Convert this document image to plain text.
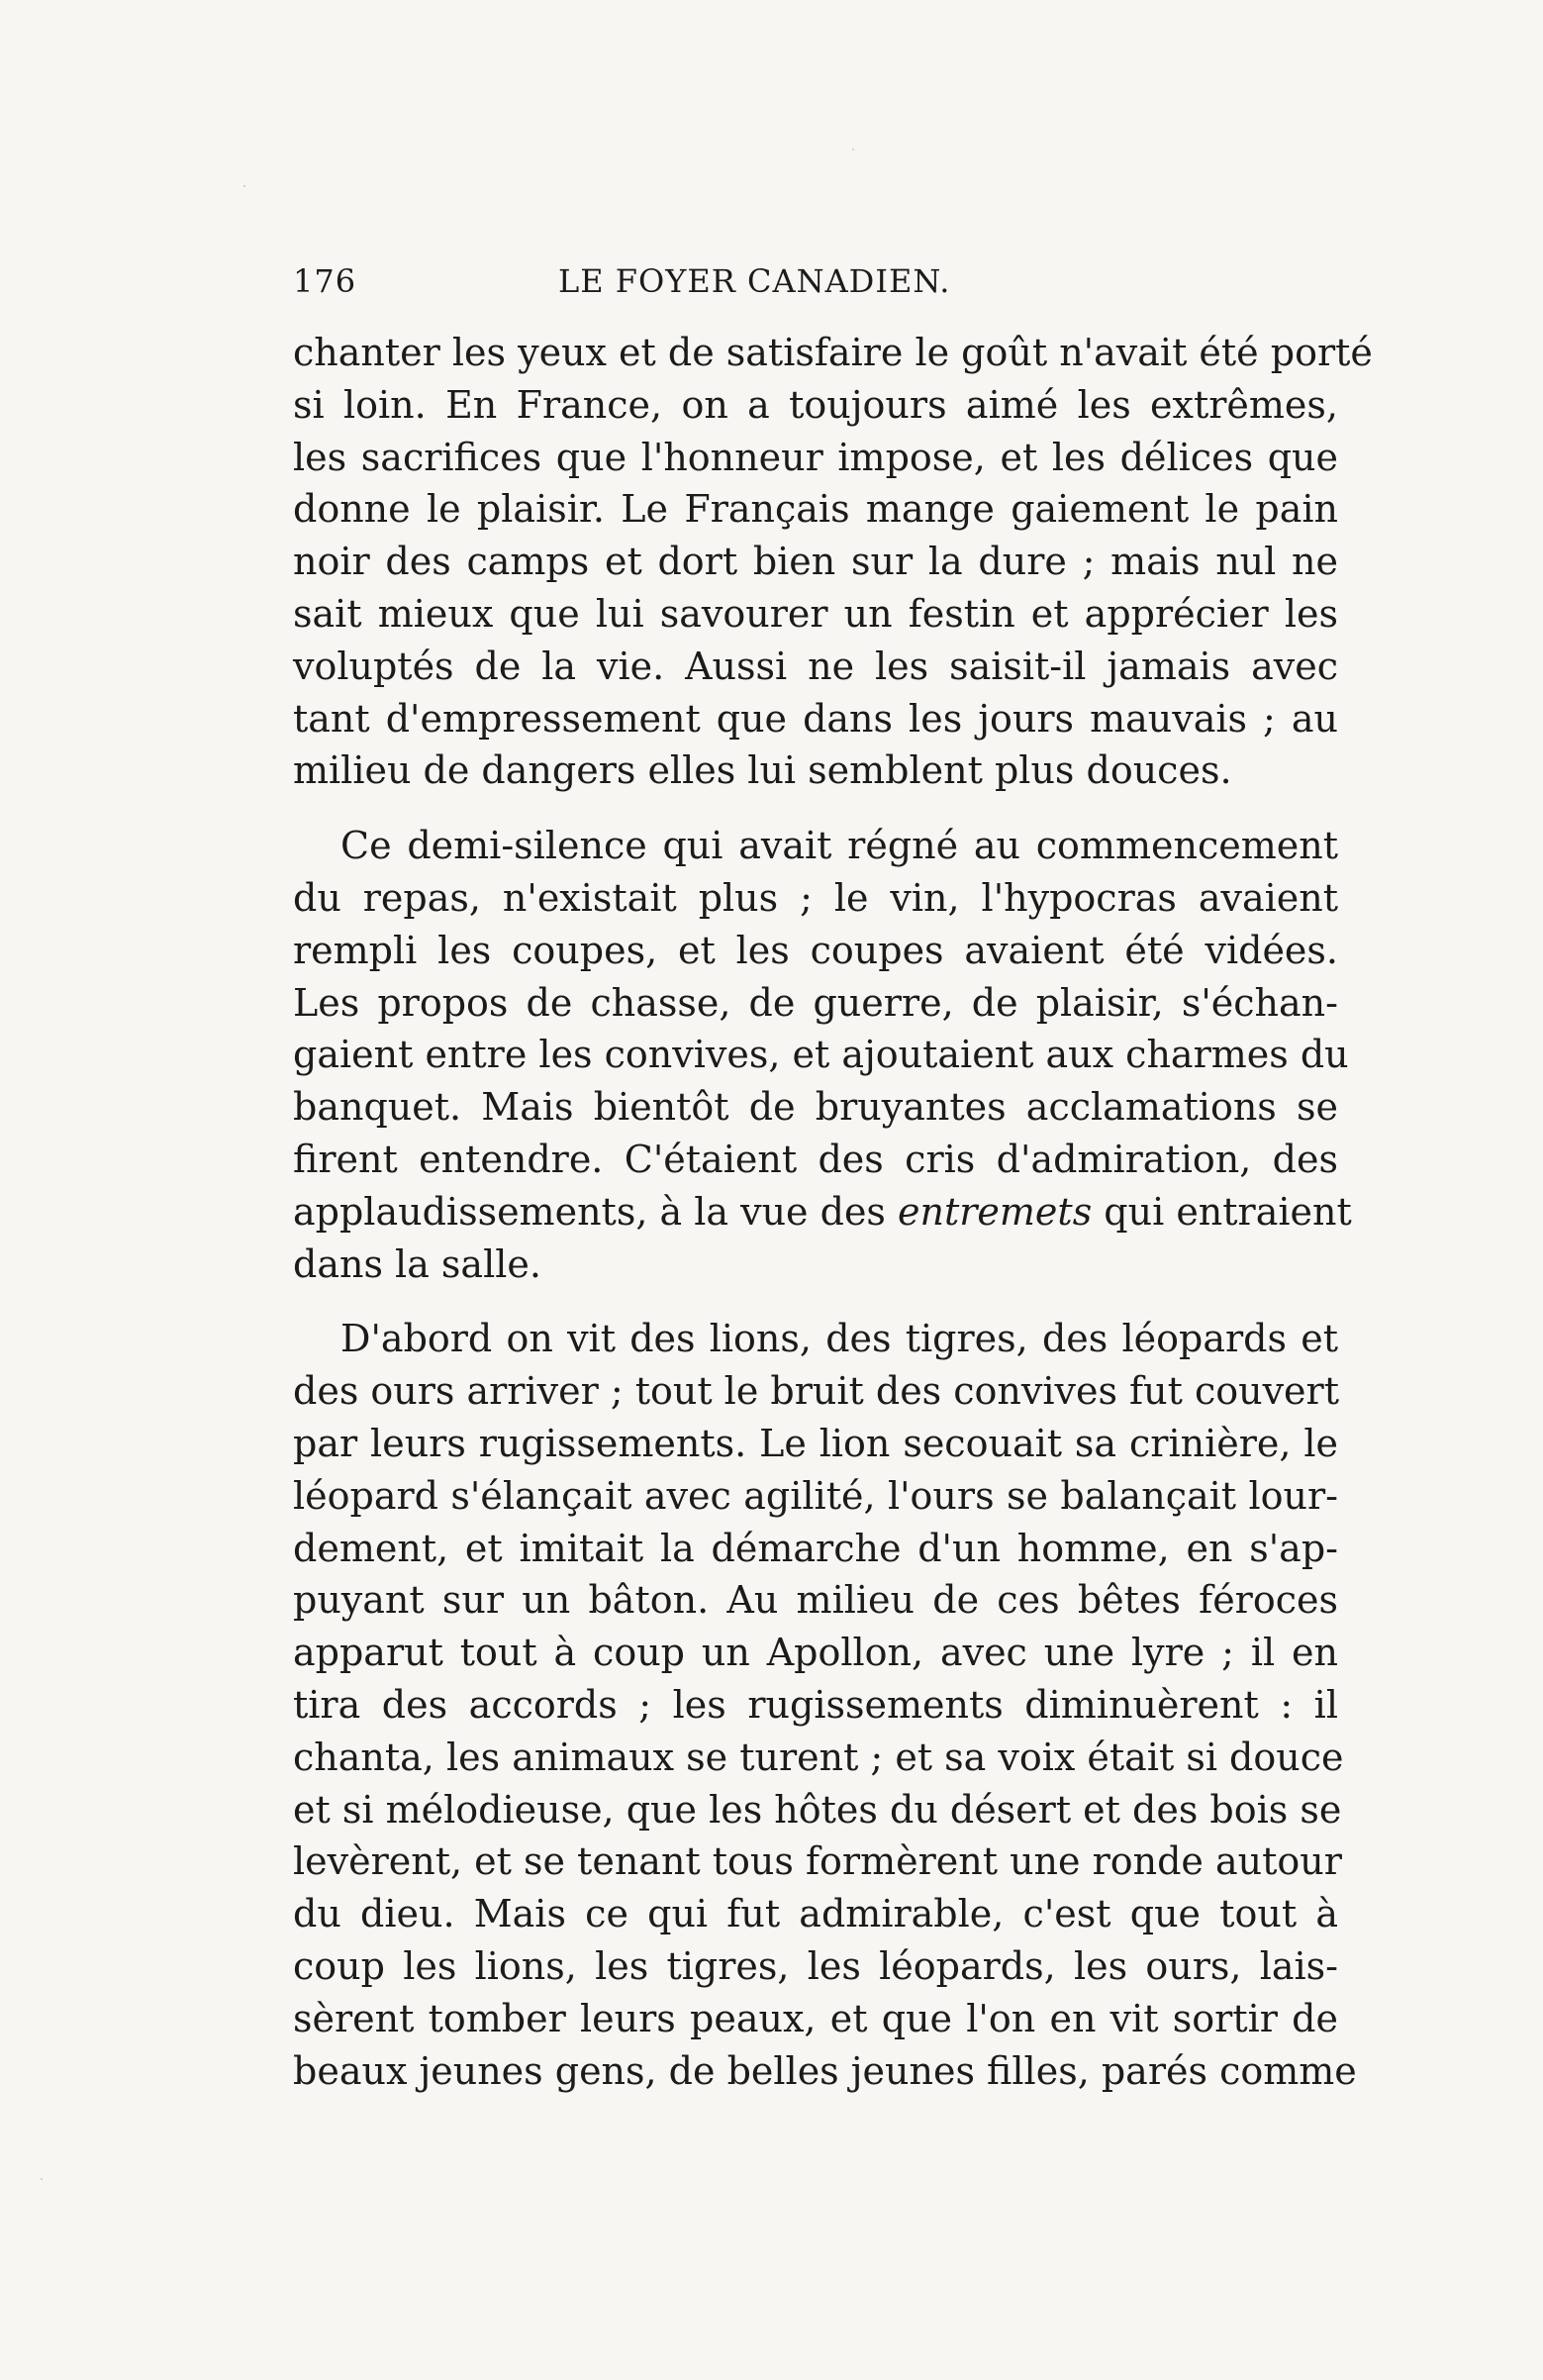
176	LE FOYER CANADIEN.

chanter les yeux et de satisfaire le goût n'avait été porté
si loin. En France, on a toujours aimé les extrêmes,
les sacrifices que l'honneur impose, et les délices que
donne le plaisir. Le Français mange gaiement le pain
noir des camps et dort bien sur la dure ; mais nul ne
sait mieux que lui savourer un festin et apprécier les
voluptés de la vie. Aussi ne les saisit-il jamais avec
tant d'empressement que dans les jours mauvais ; au
milieu de dangers elles lui semblent plus douces.

Ce demi-silence qui avait régné au commencement
du repas, n'existait plus ; le vin, l'hypocras avaient
rempli les coupes, et les coupes avaient été vidées.
Les propos de chasse, de guerre, de plaisir, s'échan-
gaient entre les convives, et ajoutaient aux charmes du
banquet. Mais bientôt de bruyantes acclamations se
firent entendre. C'étaient des cris d'admiration, des
applaudissements, à la vue des entremets qui entraient
dans la salle.

D'abord on vit des lions, des tigres, des léopards et
des ours arriver ; tout le bruit des convives fut couvert
par leurs rugissements. Le lion secouait sa crinière, le
léopard s'élançait avec agilité, l'ours se balançait lour-
dement, et imitait la démarche d'un homme, en s'ap-
puyant sur un bâton. Au milieu de ces bêtes féroces
apparut tout à coup un Apollon, avec une lyre ; il en
tira des accords ; les rugissements diminuèrent : il
chanta, les animaux se turent ; et sa voix était si douce
et si mélodieuse, que les hôtes du désert et des bois se
levèrent, et se tenant tous formèrent une ronde autour
du dieu. Mais ce qui fut admirable, c'est que tout à
coup les lions, les tigres, les léopards, les ours, lais-
sèrent tomber leurs peaux, et que l'on en vit sortir de
beaux jeunes gens, de belles jeunes filles, parés comme
